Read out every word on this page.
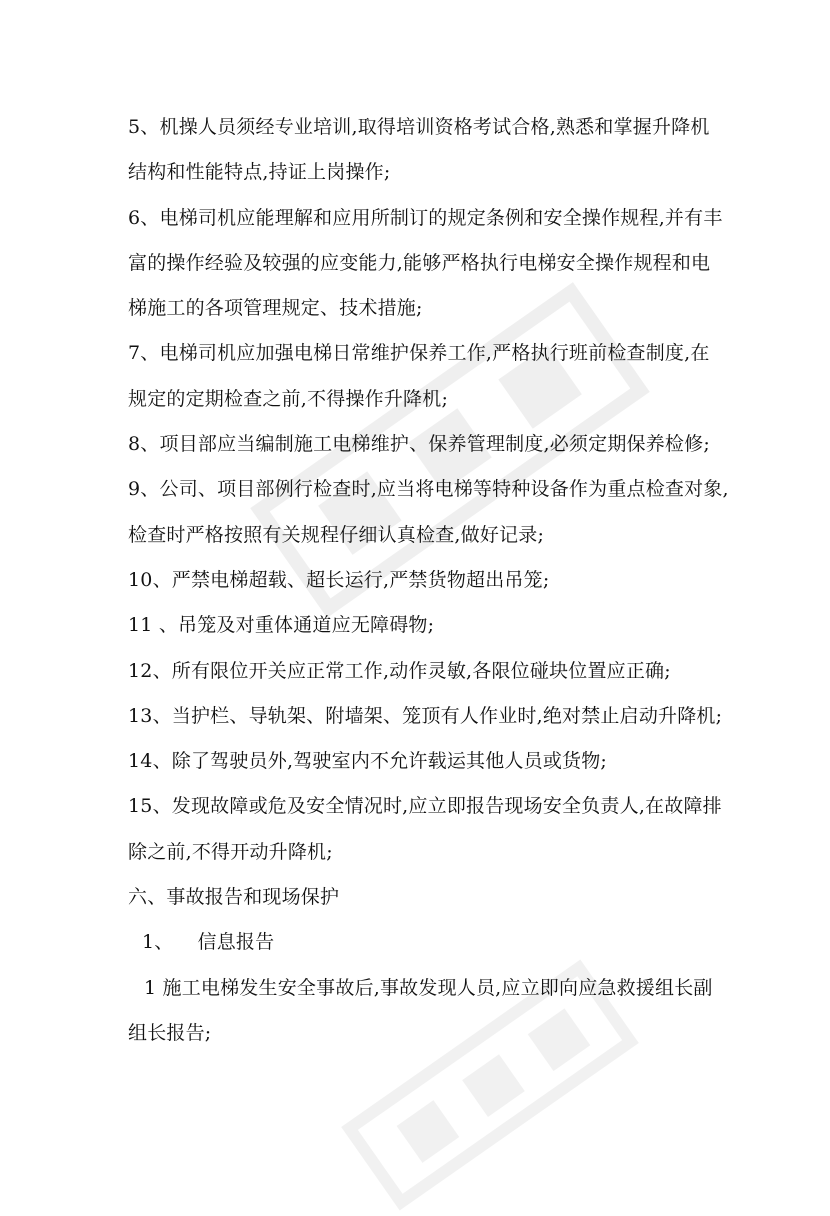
5、机操人员须经专业培训,取得培训资格考试合格,熟悉和掌握升降机
结构和性能特点,持证上岗操作;
6、电梯司机应能理解和应用所制订的规定条例和安全操作规程,并有丰
富的操作经验及较强的应变能力,能够严格执行电梯安全操作规程和电
梯施工的各项管理规定、技术措施;
7、电梯司机应加强电梯日常维护保养工作,严格执行班前检查制度,在
规定的定期检查之前,不得操作升降机;
8、项目部应当编制施工电梯维护、保养管理制度,必须定期保养检修;
9、公司、项目部例行检查时,应当将电梯等特种设备作为重点检查对象,
检查时严格按照有关规程仔细认真检查,做好记录;
10、严禁电梯超载、超长运行,严禁货物超出吊笼;
11 、吊笼及对重体通道应无障碍物;
12、所有限位开关应正常工作,动作灵敏,各限位碰块位置应正确;
13、当护栏、导轨架、附墙架、笼顶有人作业时,绝对禁止启动升降机;
14、除了驾驶员外,驾驶室内不允许载运其他人员或货物;
15、发现故障或危及安全情况时,应立即报告现场安全负责人,在故障排
除之前,不得开动升降机;
六、事故报告和现场保护
1、 信息报告
1 施工电梯发生安全事故后,事故发现人员,应立即向应急救援组长副
组长报告;
